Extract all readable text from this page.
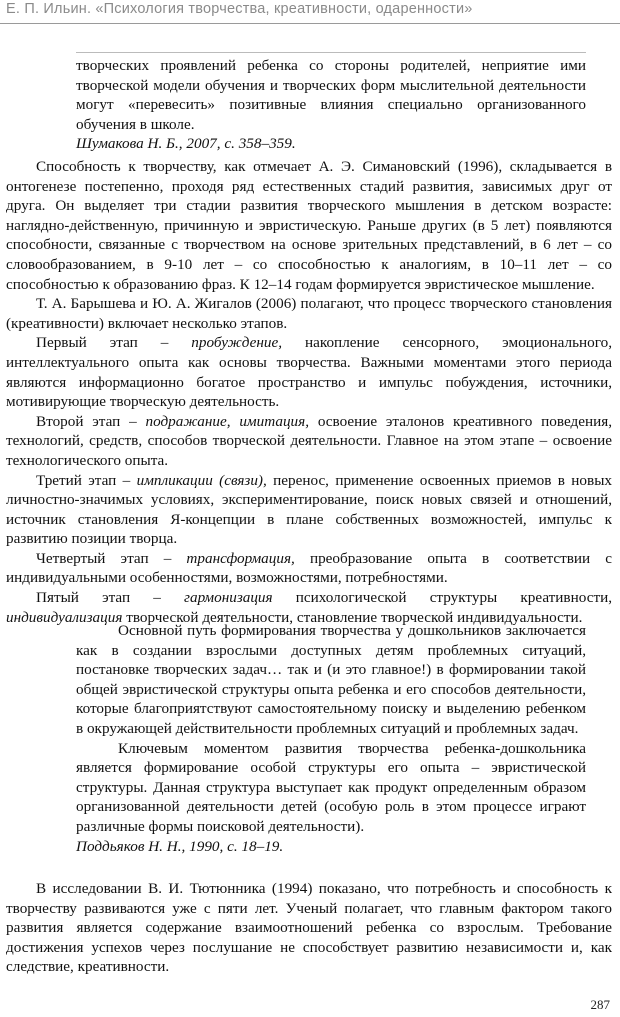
Е. П. Ильин. «Психология творчества, креативности, одаренности»

творческих проявлений ребенка со стороны родителей, неприятие ими творческой модели обучения и творческих форм мыслительной деятельности могут «перевесить» позитивные влияния специально организованного обучения в школе.

Шумакова Н. Б., 2007, с. 358–359.

Способность к творчеству, как отмечает А. Э. Симановский (1996), складывается в онтогенезе постепенно, проходя ряд естественных стадий развития, зависимых друг от друга. Он выделяет три стадии развития творческого мышления в детском возрасте: наглядно-действенную, причинную и эвристическую. Раньше других (в 5 лет) появляются способности, связанные с творчеством на основе зрительных представлений, в 6 лет – со словообразованием, в 9-10 лет – со способностью к аналогиям, в 10–11 лет – со способностью к образованию фраз. К 12–14 годам формируется эвристическое мышление.

Т. А. Барышева и Ю. А. Жигалов (2006) полагают, что процесс творческого становления (креативности) включает несколько этапов.

Первый этап – пробуждение, накопление сенсорного, эмоционального, интеллектуального опыта как основы творчества. Важными моментами этого периода являются информационно богатое пространство и импульс побуждения, источники, мотивирующие творческую деятельность.

Второй этап – подражание, имитация, освоение эталонов креативного поведения, технологий, средств, способов творческой деятельности. Главное на этом этапе – освоение технологического опыта.

Третий этап – импликации (связи), перенос, применение освоенных приемов в новых личностно-значимых условиях, экспериментирование, поиск новых связей и отношений, источник становления Я-концепции в плане собственных возможностей, импульс к развитию позиции творца.

Четвертый этап – трансформация, преобразование опыта в соответствии с индивидуальными особенностями, возможностями, потребностями.

Пятый этап – гармонизация психологической структуры креативности, индивидуализация творческой деятельности, становление творческой индивидуальности.

Основной путь формирования творчества у дошкольников заключается как в создании взрослыми доступных детям проблемных ситуаций, постановке творческих задач… так и (и это главное!) в формировании такой общей эвристической структуры опыта ребенка и его способов деятельности, которые благоприятствуют самостоятельному поиску и выделению ребенком в окружающей действительности проблемных ситуаций и проблемных задач.

Ключевым моментом развития творчества ребенка-дошкольника является формирование особой структуры его опыта – эвристической структуры. Данная структура выступает как продукт определенным образом организованной деятельности детей (особую роль в этом процессе играют различные формы поисковой деятельности).

Поддьяков Н. Н., 1990, с. 18–19.

В исследовании В. И. Тютюнника (1994) показано, что потребность и способность к творчеству развиваются уже с пяти лет. Ученый полагает, что главным фактором такого развития является содержание взаимоотношений ребенка со взрослым. Требование достижения успехов через послушание не способствует развитию независимости и, как следствие, креативности.

287
